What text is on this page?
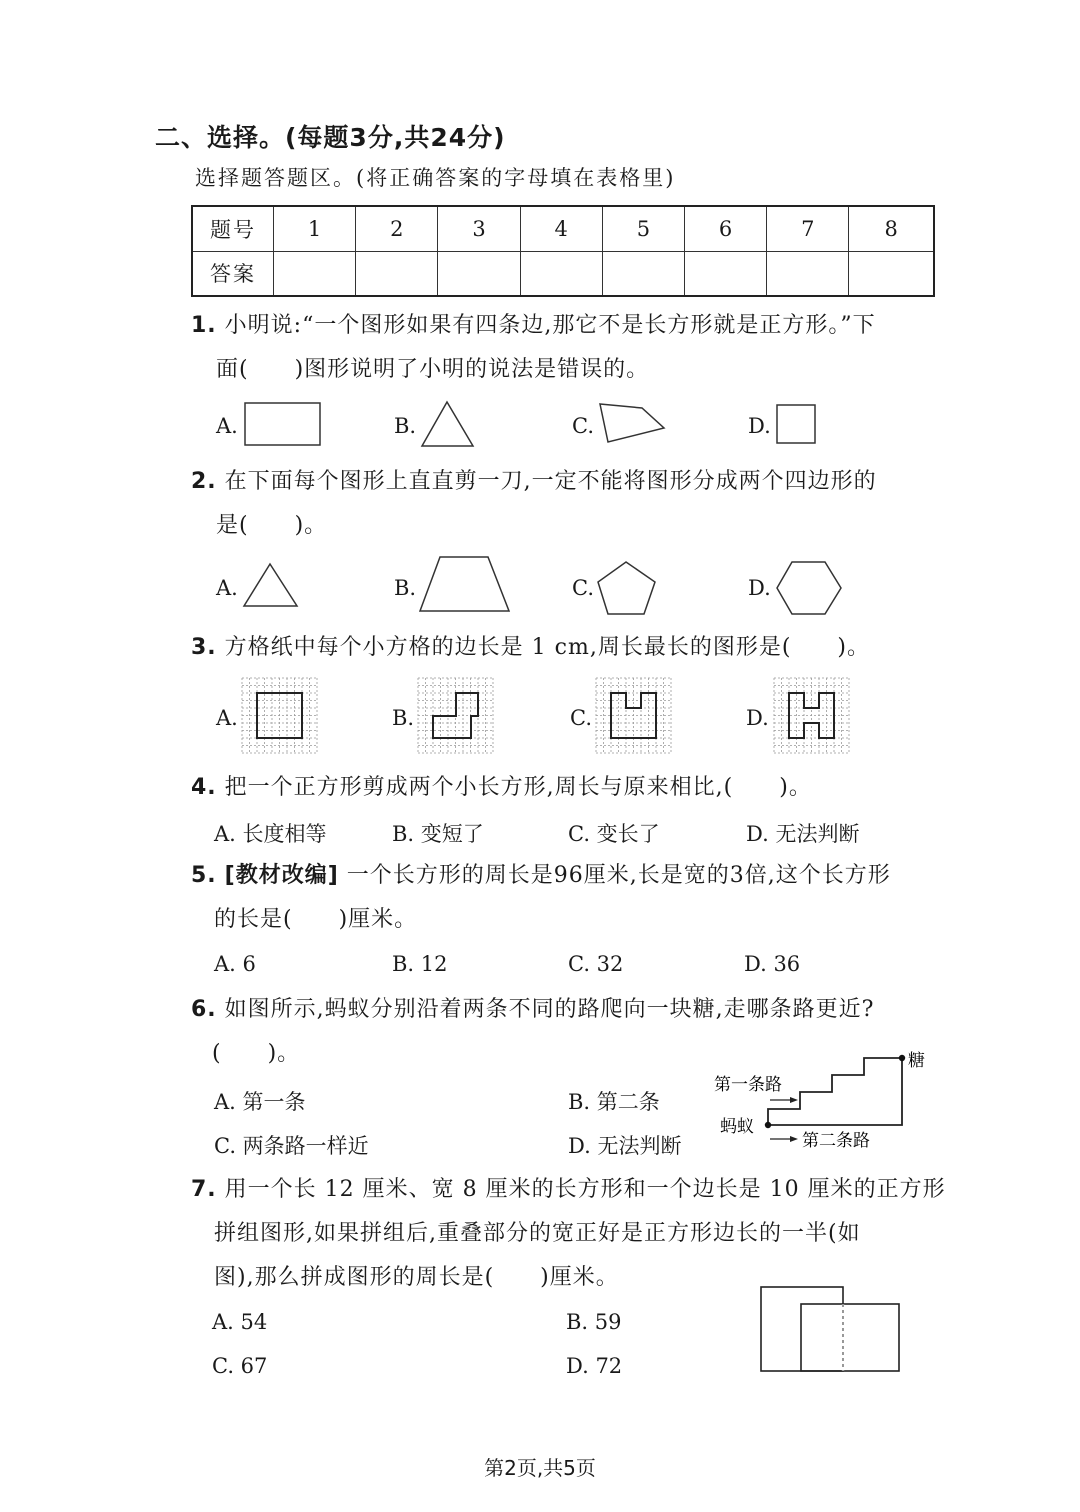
二、选择。(每题3分,共24分)
选择题答题区。(将正确答案的字母填在表格里)
题号	1	2	3	4	5	6	7	8
答案								
1. 小明说:“一个图形如果有四条边,那它不是长方形就是正方形。”下
面(　　)图形说明了小明的说法是错误的。
A.	B.	C.	D.
2. 在下面每个图形上直直剪一刀,一定不能将图形分成两个四边形的
是(　　)。
A.	B.	C.	D.
3. 方格纸中每个小方格的边长是 1 cm,周长最长的图形是(　　)。
A.	B.	C.	D.
4. 把一个正方形剪成两个小长方形,周长与原来相比,(　　)。
A. 长度相等	B. 变短了	C. 变长了	D. 无法判断
5. [教材改编] 一个长方形的周长是96厘米,长是宽的3倍,这个长方形
的长是(　　)厘米。
A. 6	B. 12	C. 32	D. 36
6. 如图所示,蚂蚁分别沿着两条不同的路爬向一块糖,走哪条路更近?
(　　)。
A. 第一条	B. 第二条
C. 两条路一样近	D. 无法判断
糖
第一条路
蚂蚁
第二条路
7. 用一个长 12 厘米、宽 8 厘米的长方形和一个边长是 10 厘米的正方形
拼组图形,如果拼组后,重叠部分的宽正好是正方形边长的一半(如
图),那么拼成图形的周长是(　　)厘米。
A. 54	B. 59
C. 67	D. 72
第2页,共5页
